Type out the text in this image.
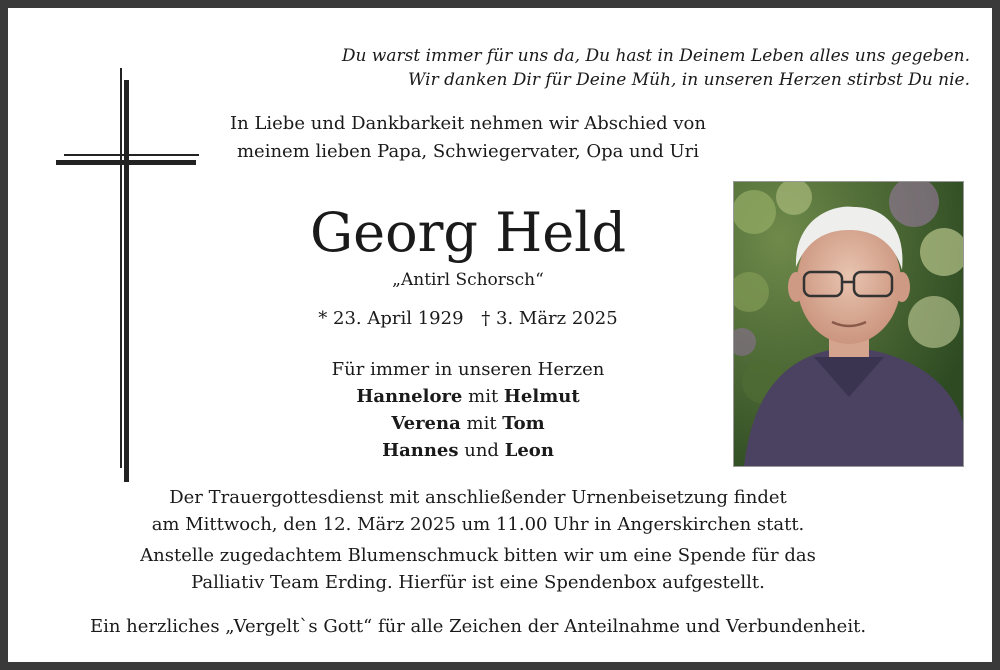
Du warst immer für uns da, Du hast in Deinem Leben alles uns gegeben.
Wir danken Dir für Deine Müh, in unseren Herzen stirbst Du nie.
In Liebe und Dankbarkeit nehmen wir Abschied von
meinem lieben Papa, Schwiegervater, Opa und Uri
Georg Held
„Antirl Schorsch“
* 23. April 1929 † 3. März 2025
Für immer in unseren Herzen
Hannelore mit Helmut
Verena mit Tom
Hannes und Leon
Der Trauergottesdienst mit anschließender Urnenbeisetzung findet
am Mittwoch, den 12. März 2025 um 11.00 Uhr in Angerskirchen statt.
Anstelle zugedachtem Blumenschmuck bitten wir um eine Spende für das
Palliativ Team Erding. Hierfür ist eine Spendenbox aufgestellt.
Ein herzliches „Vergelt`s Gott“ für alle Zeichen der Anteilnahme und Verbundenheit.
